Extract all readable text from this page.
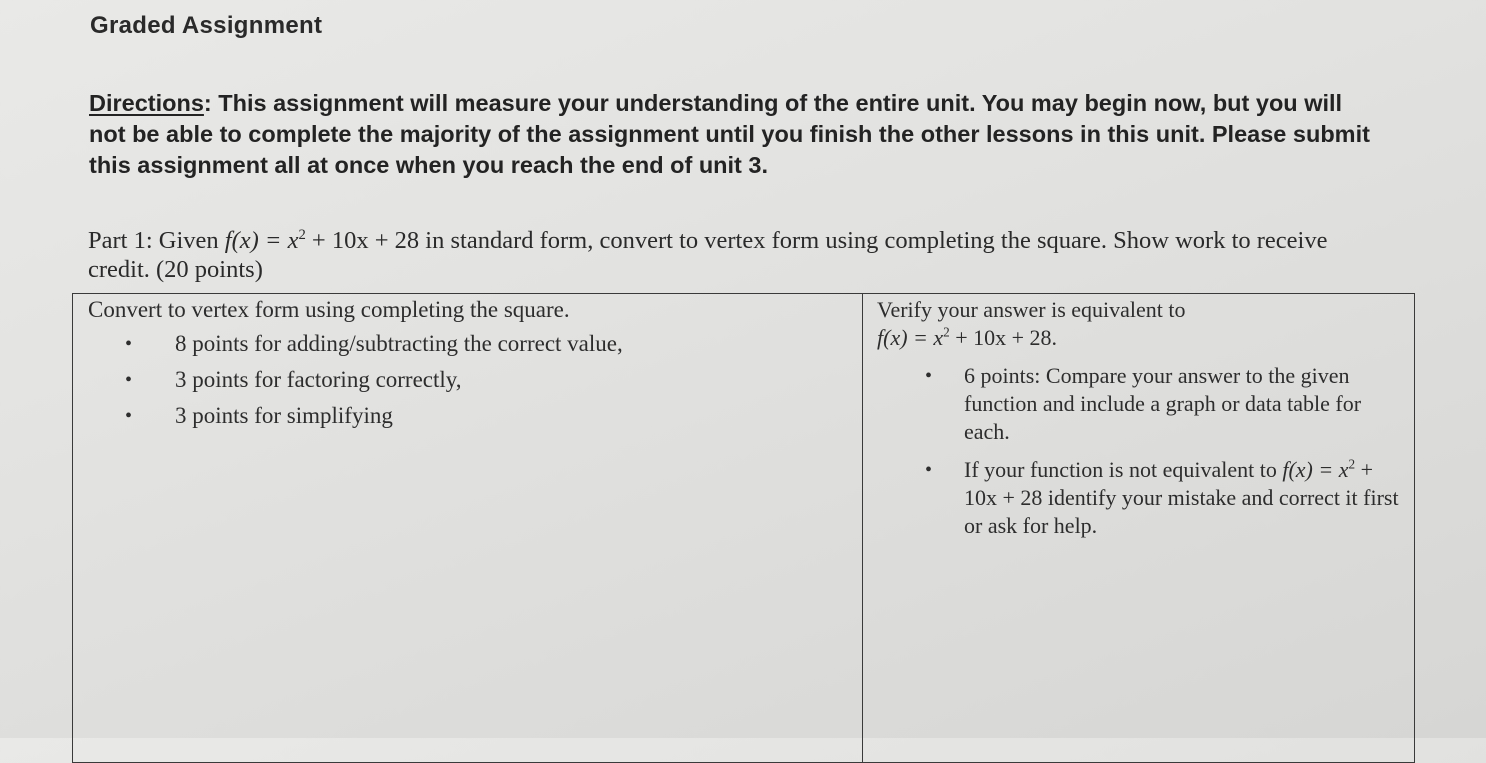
Graded Assignment
Directions: This assignment will measure your understanding of the entire unit. You may begin now, but you will not be able to complete the majority of the assignment until you finish the other lessons in this unit. Please submit this assignment all at once when you reach the end of unit 3.
Part 1: Given $f(x) = x^2 + 10x + 28$ in standard form, convert to vertex form using completing the square. Show work to receive credit. (20 points)
Convert to vertex form using completing the square.
• 8 points for adding/subtracting the correct value,
• 3 points for factoring correctly,
• 3 points for simplifying
Verify your answer is equivalent to
$f(x) = x^2 + 10x + 28$.
• 6 points: Compare your answer to the given function and include a graph or data table for each.
• If your function is not equivalent to $f(x) = x^2 + 10x + 28$ identify your mistake and correct it first or ask for help.
